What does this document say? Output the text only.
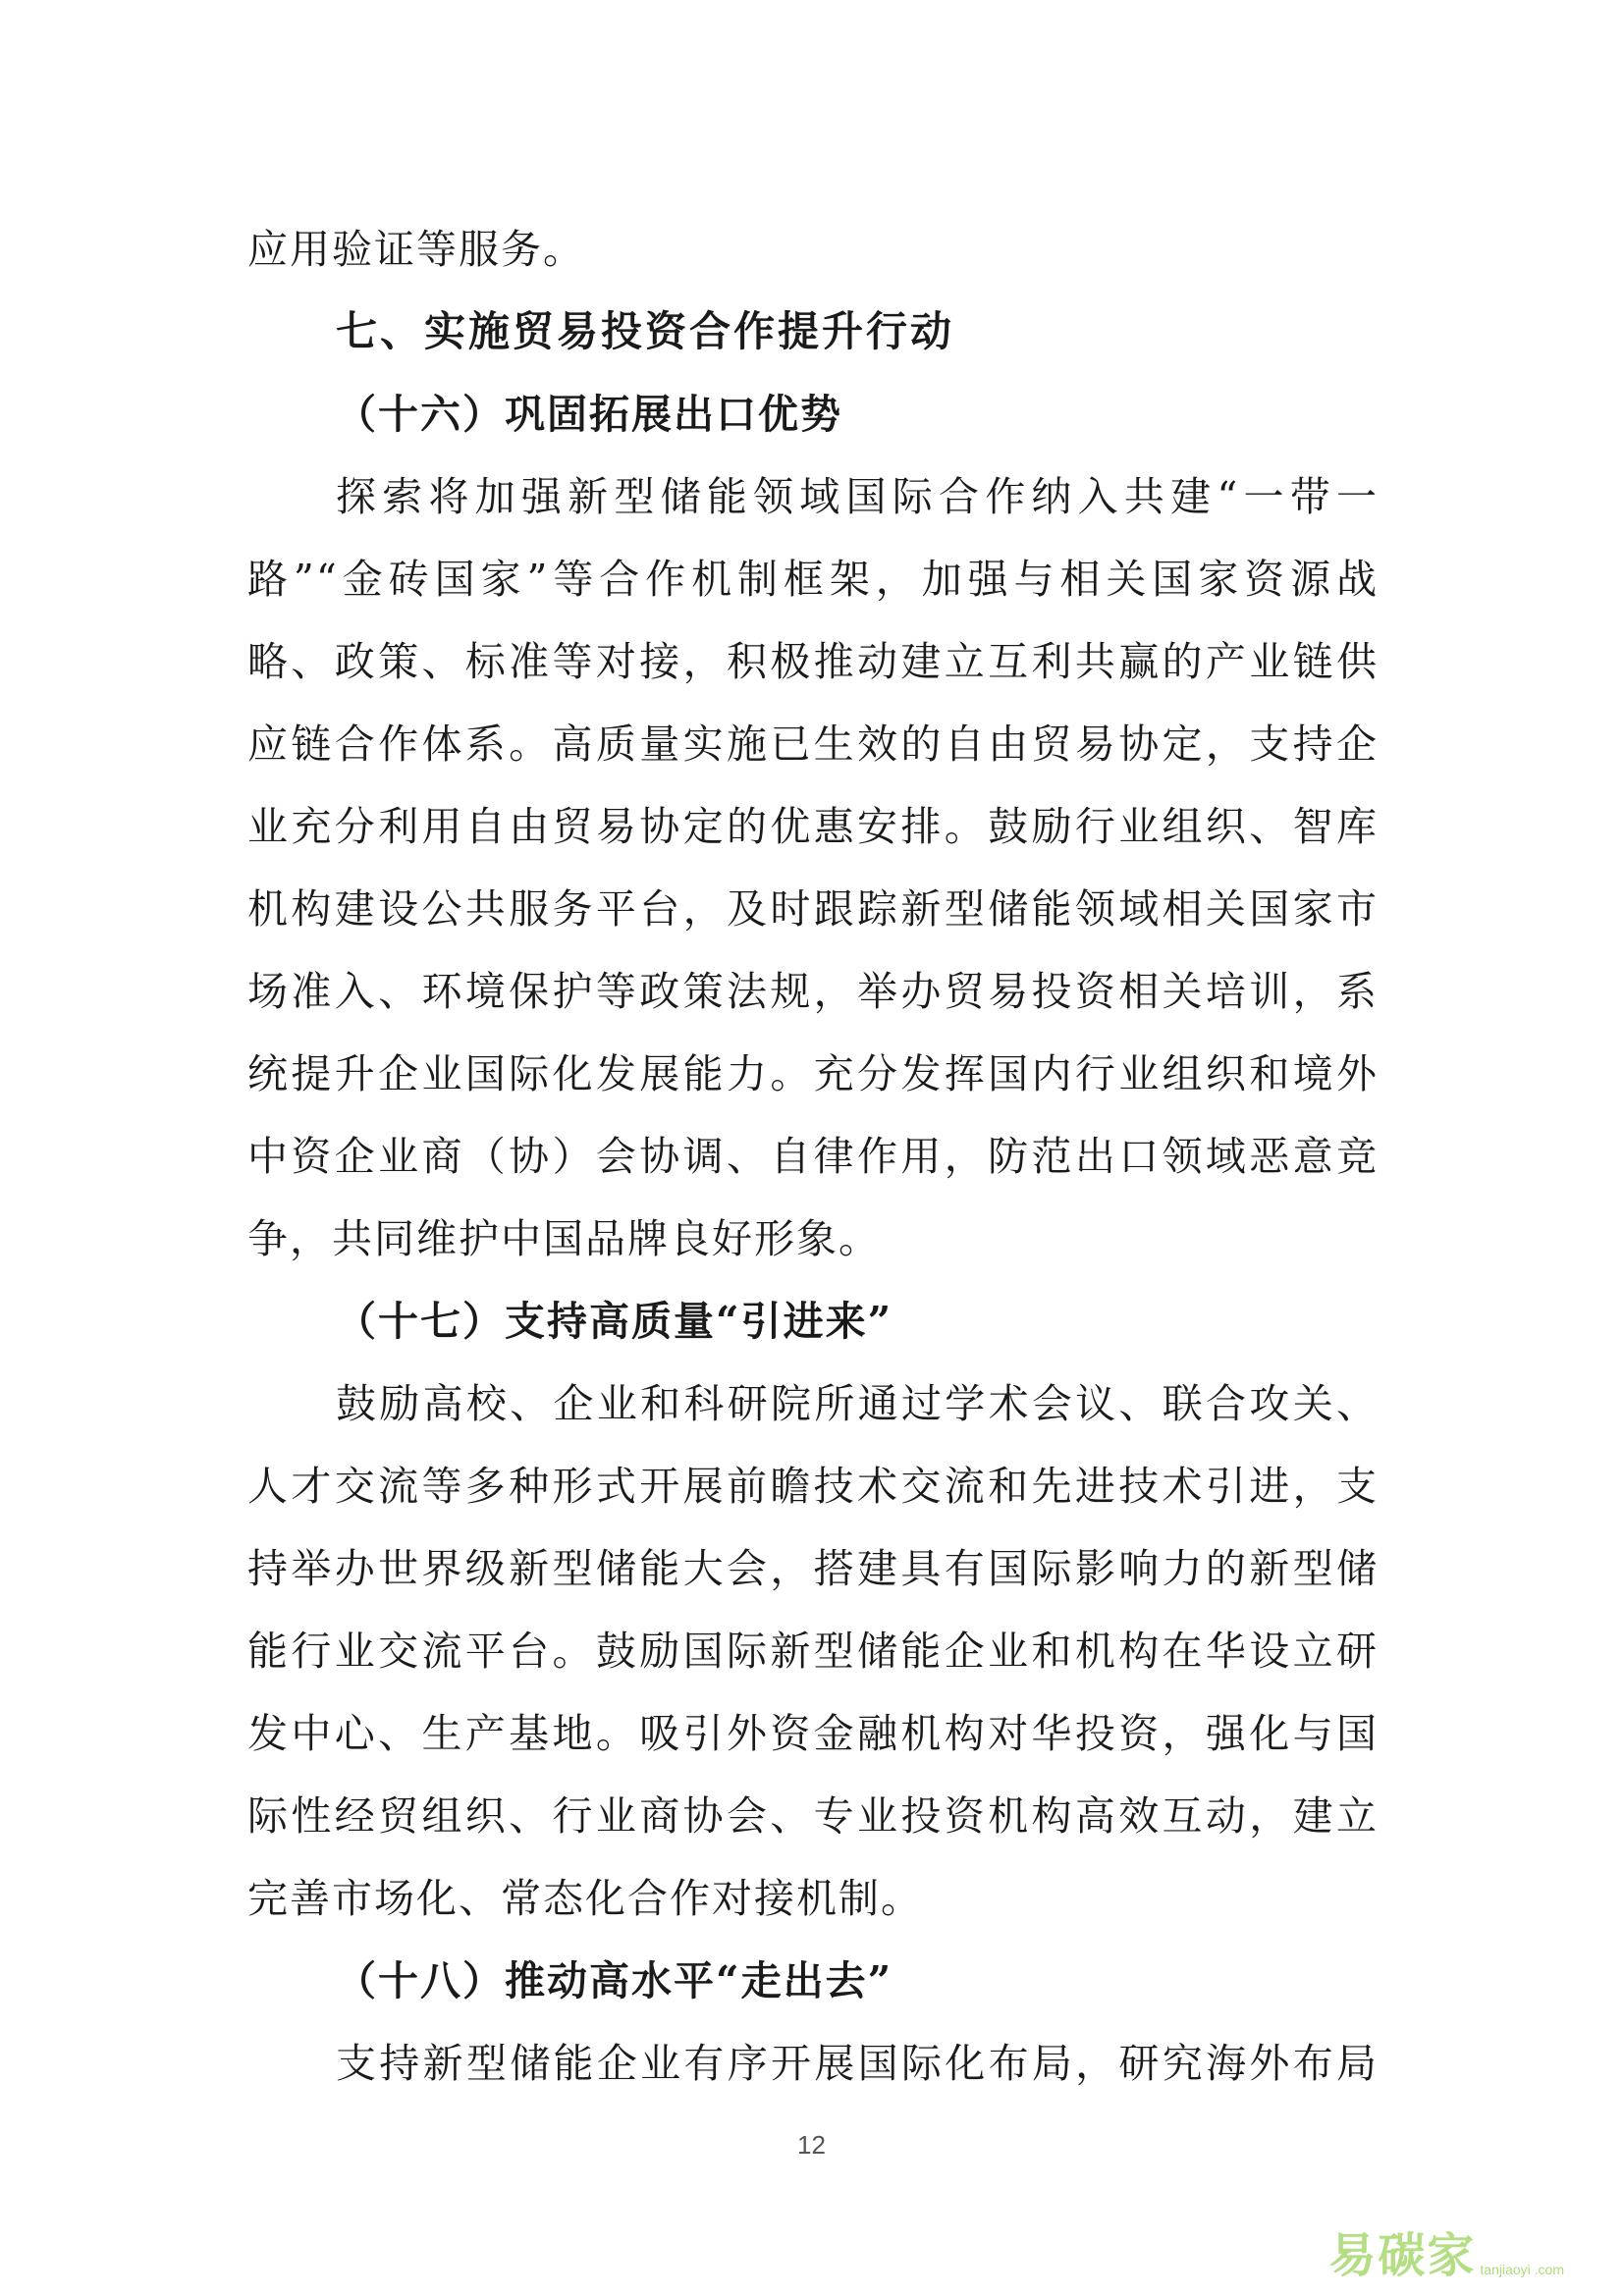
应用验证等服务。
七、实施贸易投资合作提升行动
（十六）巩固拓展出口优势
探索将加强新型储能领域国际合作纳入共建“一带一
路”“金砖国家”等合作机制框架，加强与相关国家资源战
略、政策、标准等对接，积极推动建立互利共赢的产业链供
应链合作体系。高质量实施已生效的自由贸易协定，支持企
业充分利用自由贸易协定的优惠安排。鼓励行业组织、智库
机构建设公共服务平台，及时跟踪新型储能领域相关国家市
场准入、环境保护等政策法规，举办贸易投资相关培训，系
统提升企业国际化发展能力。充分发挥国内行业组织和境外
中资企业商（协）会协调、自律作用，防范出口领域恶意竞
争，共同维护中国品牌良好形象。
（十七）支持高质量“引进来”
鼓励高校、企业和科研院所通过学术会议、联合攻关、
人才交流等多种形式开展前瞻技术交流和先进技术引进，支
持举办世界级新型储能大会，搭建具有国际影响力的新型储
能行业交流平台。鼓励国际新型储能企业和机构在华设立研
发中心、生产基地。吸引外资金融机构对华投资，强化与国
际性经贸组织、行业商协会、专业投资机构高效互动，建立
完善市场化、常态化合作对接机制。
（十八）推动高水平“走出去”
支持新型储能企业有序开展国际化布局，研究海外布局
12
易碳家 tanjiaoyi .com
